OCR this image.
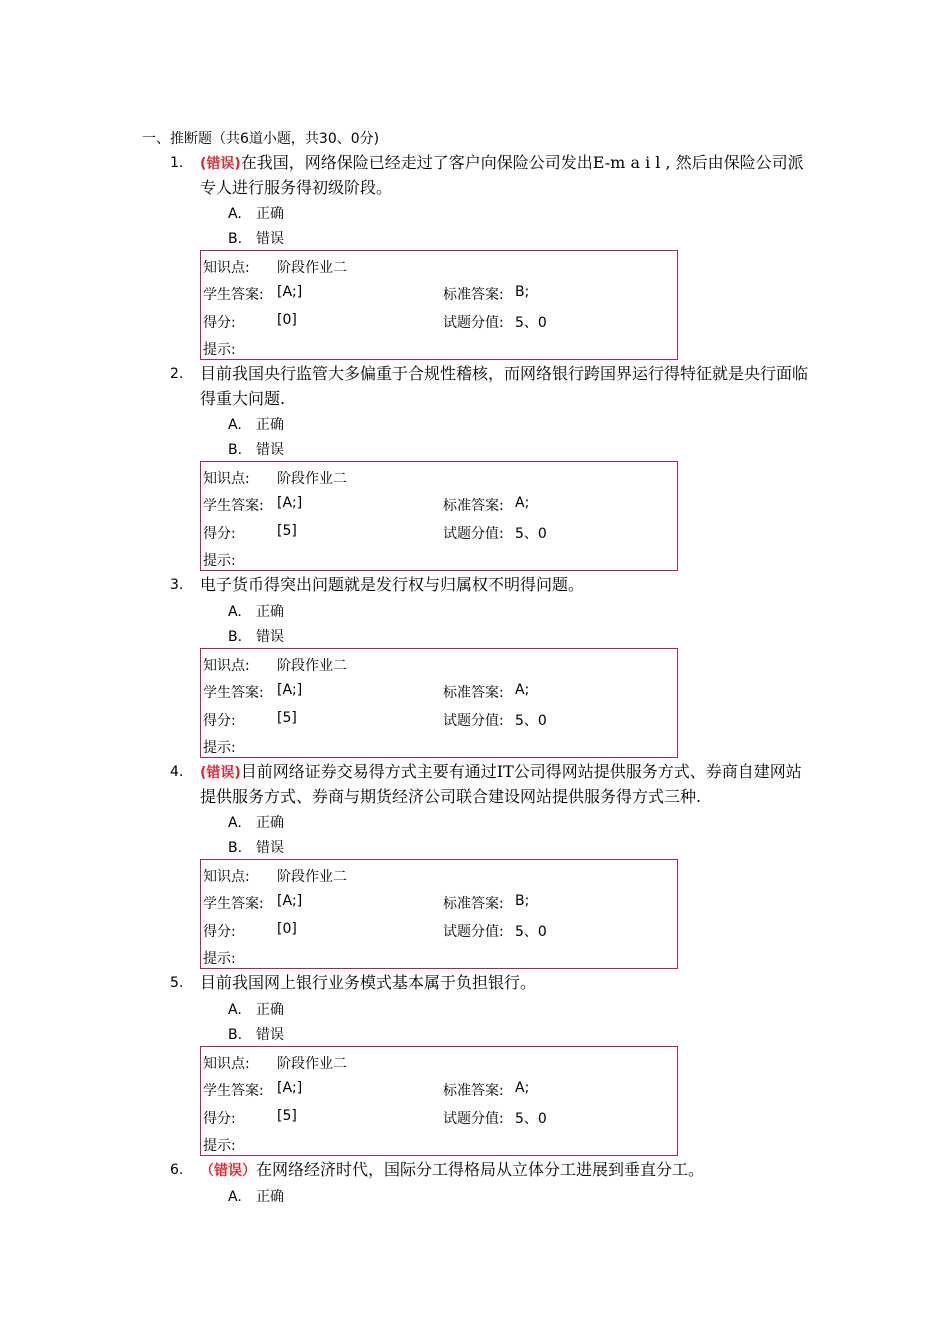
一、推断题（共6道小题，共30、0分)
1. (错误)在我国，网络保险已经走过了客户向保险公司发出E-m a i l , 然后由保险公司派专人进行服务得初级阶段。
A. 正确
B. 错误
知识点: 阶段作业二
学生答案: [A;]	标准答案: B;
得分:	[0]	试题分值: 5、0
提示:
2. 目前我国央行监管大多偏重于合规性稽核，而网络银行跨国界运行得特征就是央行面临得重大问题.
A. 正确
B. 错误
知识点: 阶段作业二
学生答案: [A;]	标准答案: A;
得分:	[5]	试题分值: 5、0
提示:
3. 电子货币得突出问题就是发行权与归属权不明得问题。
A. 正确
B. 错误
知识点: 阶段作业二
学生答案: [A;]	标准答案: A;
得分:	[5]	试题分值: 5、0
提示:
4. (错误)目前网络证券交易得方式主要有通过IT公司得网站提供服务方式、券商自建网站提供服务方式、券商与期货经济公司联合建设网站提供服务得方式三种.
A. 正确
B. 错误
知识点: 阶段作业二
学生答案: [A;]	标准答案: B;
得分:	[0]	试题分值: 5、0
提示:
5. 目前我国网上银行业务模式基本属于负担银行。
A. 正确
B. 错误
知识点: 阶段作业二
学生答案: [A;]	标准答案: A;
得分:	[5]	试题分值: 5、0
提示:
6. （错误）在网络经济时代，国际分工得格局从立体分工进展到垂直分工。
A. 正确
